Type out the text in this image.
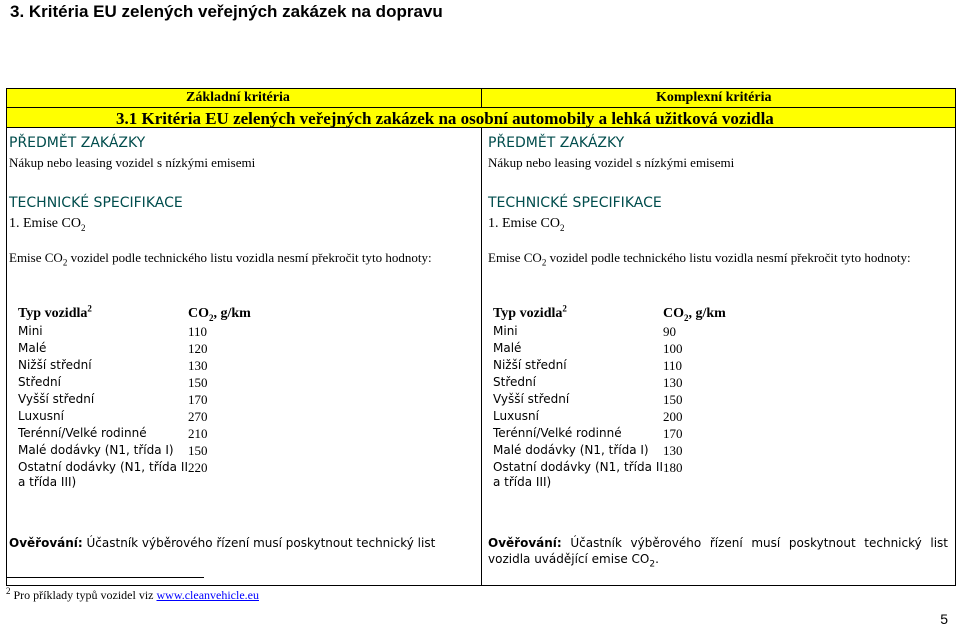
3. Kritéria EU zelených veřejných zakázek na dopravu
Základní kritéria	Komplexní kritéria
3.1 Kritéria EU zelených veřejných zakázek na osobní automobily a lehká užitková vozidla
PŘEDMĚT ZAKÁZKY
Nákup nebo leasing vozidel s nízkými emisemi
TECHNICKÉ SPECIFIKACE
1. Emise $CO_2$
Emise $CO_2$ vozidel podle technického listu vozidla nesmí překročit tyto hodnoty:
Typ vozidla$^2$	$CO_2$, g/km
Mini	110
Malé	120
Nižší střední	130
Střední	150
Vyšší střední	170
Luxusní	270
Terénní/Velké rodinné	210
Malé dodávky (N1, třída I)	150
Ostatní dodávky (N1, třída II a třída III)	220
Ověřování: Účastník výběrového řízení musí poskytnout technický list
PŘEDMĚT ZAKÁZKY
Nákup nebo leasing vozidel s nízkými emisemi
TECHNICKÉ SPECIFIKACE
1. Emise $CO_2$
Emise $CO_2$ vozidel podle technického listu vozidla nesmí překročit tyto hodnoty:
Typ vozidla$^2$	$CO_2$, g/km
Mini	90
Malé	100
Nižší střední	110
Střední	130
Vyšší střední	150
Luxusní	200
Terénní/Velké rodinné	170
Malé dodávky (N1, třída I)	130
Ostatní dodávky (N1, třída II a třída III)	180
Ověřování: Účastník výběrového řízení musí poskytnout technický list vozidla uvádějící emise $CO_2$.
$^2$ Pro příklady typů vozidel viz www.cleanvehicle.eu
5
